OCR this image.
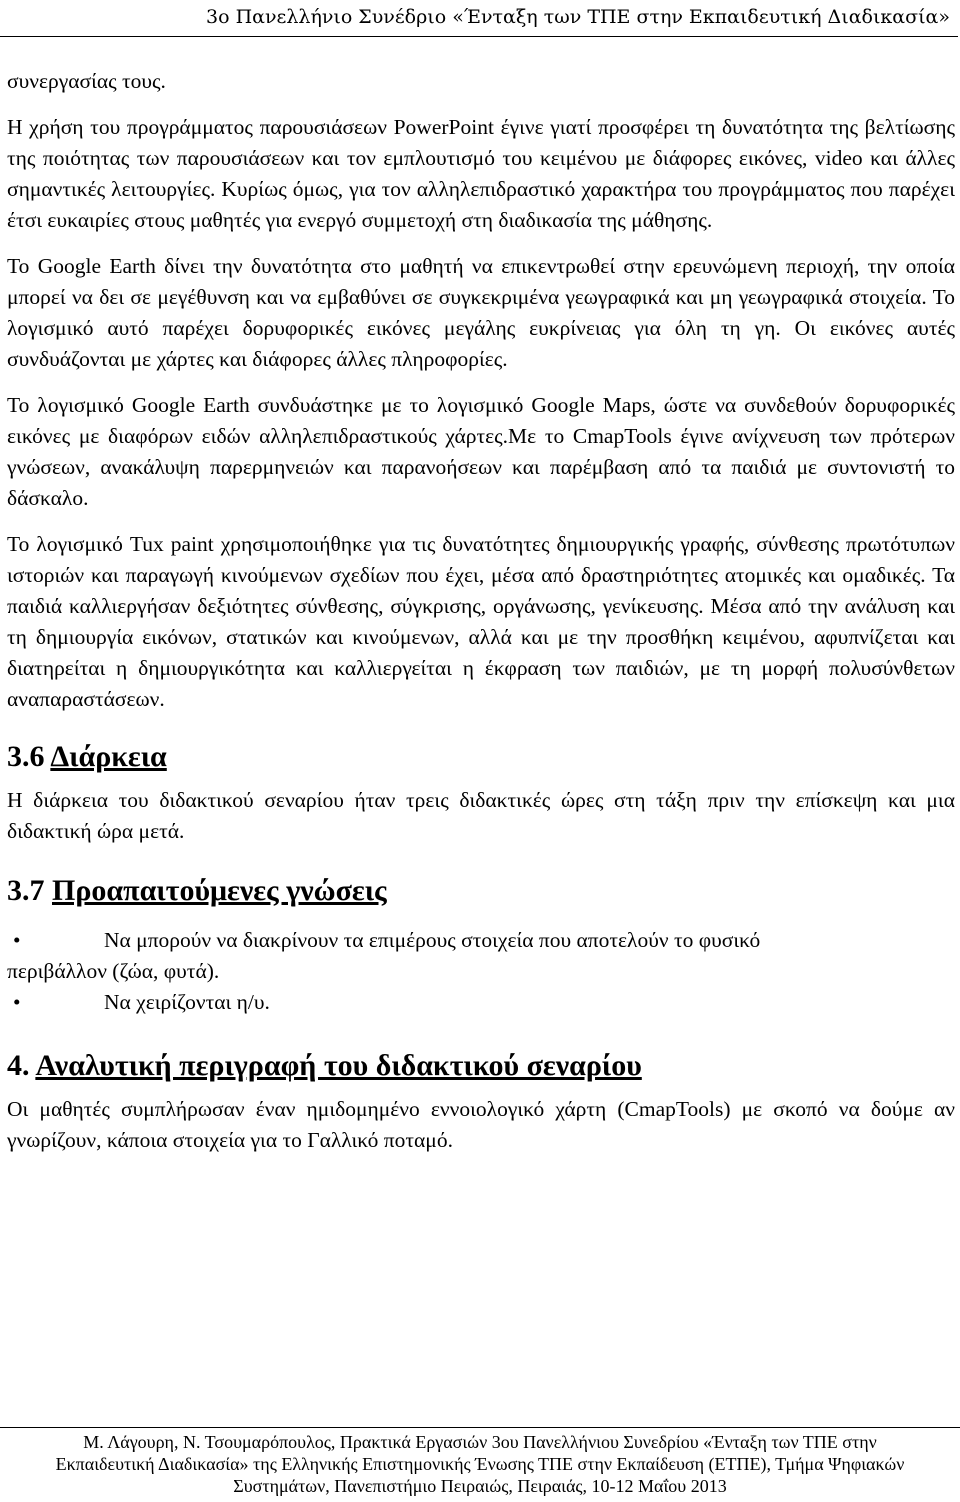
3ο Πανελλήνιο Συνέδριο «Ένταξη των ΤΠΕ στην Εκπαιδευτική Διαδικασία»

συνεργασίας τους.

Η χρήση του προγράμματος παρουσιάσεων PowerPoint έγινε γιατί προσφέρει τη δυνατότητα της βελτίωσης της ποιότητας των παρουσιάσεων και τον εμπλουτισμό του κειμένου με διάφορες εικόνες, video και άλλες σημαντικές λειτουργίες. Κυρίως όμως, για τον αλληλεπιδραστικό χαρακτήρα του προγράμματος που παρέχει έτσι ευκαιρίες στους μαθητές για ενεργό συμμετοχή στη διαδικασία της μάθησης.

Το Google Earth δίνει την δυνατότητα στο μαθητή να επικεντρωθεί στην ερευνώμενη περιοχή, την οποία μπορεί να δει σε μεγέθυνση και να εμβαθύνει σε συγκεκριμένα γεωγραφικά και μη γεωγραφικά στοιχεία. Το λογισμικό αυτό παρέχει δορυφορικές εικόνες μεγάλης ευκρίνειας για όλη τη γη. Οι εικόνες αυτές συνδυάζονται με χάρτες και διάφορες άλλες πληροφορίες.

Το λογισμικό Google Earth συνδυάστηκε με το λογισμικό Google Maps, ώστε να συνδεθούν δορυφορικές εικόνες με διαφόρων ειδών αλληλεπιδραστικούς χάρτες.Με το CmapTools έγινε ανίχνευση των πρότερων γνώσεων, ανακάλυψη παρερμηνειών και παρανοήσεων και παρέμβαση από τα παιδιά με συντονιστή το δάσκαλο.

Το λογισμικό Tux paint χρησιμοποιήθηκε για τις δυνατότητες δημιουργικής γραφής, σύνθεσης πρωτότυπων ιστοριών και παραγωγή κινούμενων σχεδίων που έχει, μέσα από δραστηριότητες ατομικές και ομαδικές. Τα παιδιά καλλιεργήσαν δεξιότητες σύνθεσης, σύγκρισης, οργάνωσης, γενίκευσης. Μέσα από την ανάλυση και τη δημιουργία εικόνων, στατικών και κινούμενων, αλλά και με την προσθήκη κειμένου, αφυπνίζεται και διατηρείται η δημιουργικότητα και καλλιεργείται η έκφραση των παιδιών, με τη μορφή πολυσύνθετων αναπαραστάσεων.

3.6 Διάρκεια

Η διάρκεια του διδακτικού σεναρίου ήταν τρεις διδακτικές ώρες στη τάξη πριν την επίσκεψη και μια διδακτική ώρα μετά.

3.7 Προαπαιτούμενες γνώσεις
•	Να μπορούν να διακρίνουν τα επιμέρους στοιχεία που αποτελούν το φυσικό

περιβάλλον (ζώα, φυτά).

•	Να χειρίζονται η/υ.
4. Αναλυτική περιγραφή του διδακτικού σεναρίου

Οι μαθητές συμπλήρωσαν έναν ημιδομημένο εννοιολογικό χάρτη (CmapTools) με σκοπό να δούμε αν γνωρίζουν, κάποια στοιχεία για το Γαλλικό ποταμό.

Μ. Λάγουρη, Ν. Τσουμαρόπουλος, Πρακτικά Εργασιών 3ου Πανελλήνιου Συνεδρίου «Ένταξη των ΤΠΕ στην
Εκπαιδευτική Διαδικασία» της Ελληνικής Επιστημονικής Ένωσης ΤΠΕ στην Εκπαίδευση (ΕΤΠΕ), Τμήμα Ψηφιακών
Συστημάτων, Πανεπιστήμιο Πειραιώς, Πειραιάς, 10-12 Μαΐου 2013
